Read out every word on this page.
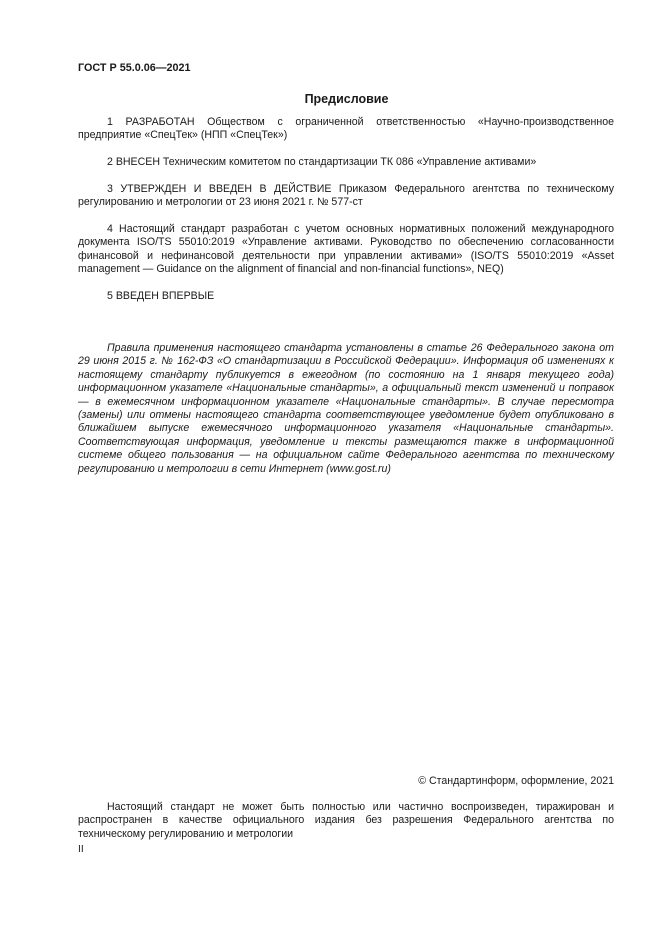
ГОСТ Р 55.0.06—2021
Предисловие

1 РАЗРАБОТАН Обществом с ограниченной ответственностью «Научно-производственное предприятие «СпецТек» (НПП «СпецТек»)

2 ВНЕСЕН Техническим комитетом по стандартизации ТК 086 «Управление активами»

3 УТВЕРЖДЕН И ВВЕДЕН В ДЕЙСТВИЕ Приказом Федерального агентства по техническому регулированию и метрологии от 23 июня 2021 г. № 577-ст

4 Настоящий стандарт разработан с учетом основных нормативных положений международного документа ISO/TS 55010:2019 «Управление активами. Руководство по обеспечению согласованности финансовой и нефинансовой деятельности при управлении активами» (ISO/TS 55010:2019 «Asset management — Guidance on the alignment of financial and non-financial functions», NEQ)

5 ВВЕДЕН ВПЕРВЫЕ

Правила применения настоящего стандарта установлены в статье 26 Федерального закона от 29 июня 2015 г. № 162-ФЗ «О стандартизации в Российской Федерации». Информация об изменениях к настоящему стандарту публикуется в ежегодном (по состоянию на 1 января текущего года) информационном указателе «Национальные стандарты», а официальный текст изменений и поправок — в ежемесячном информационном указателе «Национальные стандарты». В случае пересмотра (замены) или отмены настоящего стандарта соответствующее уведомление будет опубликовано в ближайшем выпуске ежемесячного информационного указателя «Национальные стандарты». Соответствующая информация, уведомление и тексты размещаются также в информационной системе общего пользования — на официальном сайте Федерального агентства по техническому регулированию и метрологии в сети Интернет (www.gost.ru)

© Стандартинформ, оформление, 2021

Настоящий стандарт не может быть полностью или частично воспроизведен, тиражирован и распространен в качестве официального издания без разрешения Федерального агентства по техническому регулированию и метрологии

II
